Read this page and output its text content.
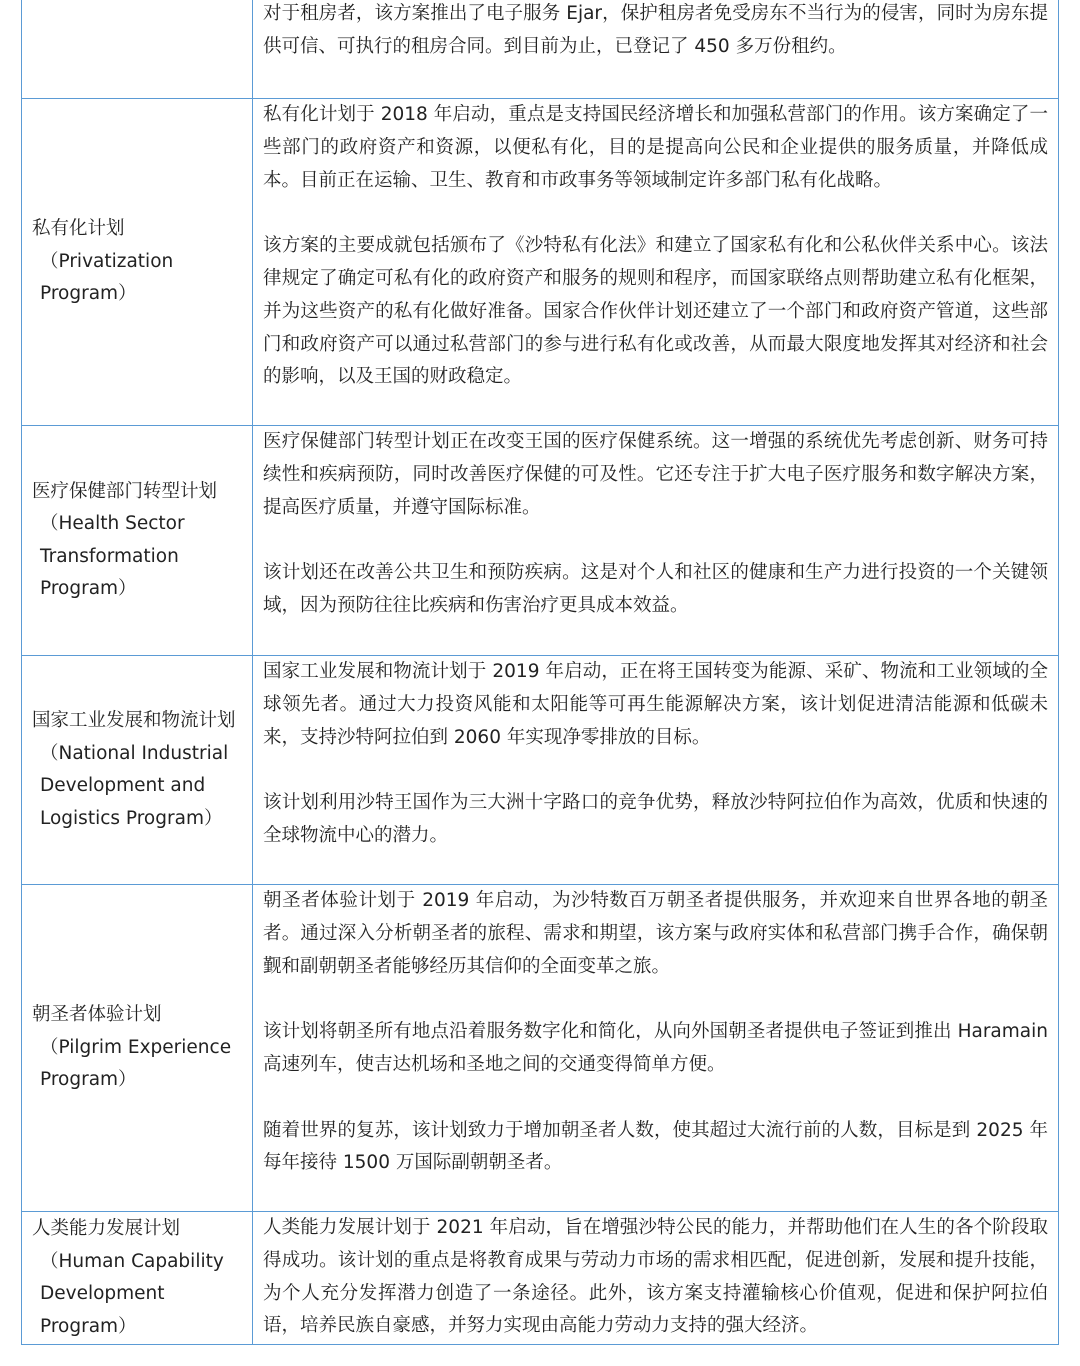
对于租房者，该方案推出了电子服务 Ejar，保护租房者免受房东不当行为的侵害，同时为房东提供可信、可执行的租房合同。到目前为止，已登记了 450 多万份租约。

私有化计划
（Privatization Program）

私有化计划于 2018 年启动，重点是支持国民经济增长和加强私营部门的作用。该方案确定了一些部门的政府资产和资源，以便私有化，目的是提高向公民和企业提供的服务质量，并降低成本。目前正在运输、卫生、教育和市政事务等领域制定许多部门私有化战略。

该方案的主要成就包括颁布了《沙特私有化法》和建立了国家私有化和公私伙伴关系中心。该法律规定了确定可私有化的政府资产和服务的规则和程序，而国家联络点则帮助建立私有化框架，并为这些资产的私有化做好准备。国家合作伙伴计划还建立了一个部门和政府资产管道，这些部门和政府资产可以通过私营部门的参与进行私有化或改善，从而最大限度地发挥其对经济和社会的影响，以及王国的财政稳定。

医疗保健部门转型计划
（Health Sector Transformation Program）

医疗保健部门转型计划正在改变王国的医疗保健系统。这一增强的系统优先考虑创新、财务可持续性和疾病预防，同时改善医疗保健的可及性。它还专注于扩大电子医疗服务和数字解决方案，提高医疗质量，并遵守国际标准。

该计划还在改善公共卫生和预防疾病。这是对个人和社区的健康和生产力进行投资的一个关键领域，因为预防往往比疾病和伤害治疗更具成本效益。

国家工业发展和物流计划
（National Industrial Development and Logistics Program）

国家工业发展和物流计划于 2019 年启动，正在将王国转变为能源、采矿、物流和工业领域的全球领先者。通过大力投资风能和太阳能等可再生能源解决方案，该计划促进清洁能源和低碳未来，支持沙特阿拉伯到 2060 年实现净零排放的目标。

该计划利用沙特王国作为三大洲十字路口的竞争优势，释放沙特阿拉伯作为高效，优质和快速的全球物流中心的潜力。

朝圣者体验计划
（Pilgrim Experience Program）

朝圣者体验计划于 2019 年启动，为沙特数百万朝圣者提供服务，并欢迎来自世界各地的朝圣者。通过深入分析朝圣者的旅程、需求和期望，该方案与政府实体和私营部门携手合作，确保朝觐和副朝朝圣者能够经历其信仰的全面变革之旅。

该计划将朝圣所有地点沿着服务数字化和简化，从向外国朝圣者提供电子签证到推出 Haramain 高速列车，使吉达机场和圣地之间的交通变得简单方便。

随着世界的复苏，该计划致力于增加朝圣者人数，使其超过大流行前的人数，目标是到 2025 年每年接待 1500 万国际副朝朝圣者。

人类能力发展计划
（Human Capability Development Program）

人类能力发展计划于 2021 年启动，旨在增强沙特公民的能力，并帮助他们在人生的各个阶段取得成功。该计划的重点是将教育成果与劳动力市场的需求相匹配，促进创新，发展和提升技能，为个人充分发挥潜力创造了一条途径。此外，该方案支持灌输核心价值观，促进和保护阿拉伯语，培养民族自豪感，并努力实现由高能力劳动力支持的强大经济。
